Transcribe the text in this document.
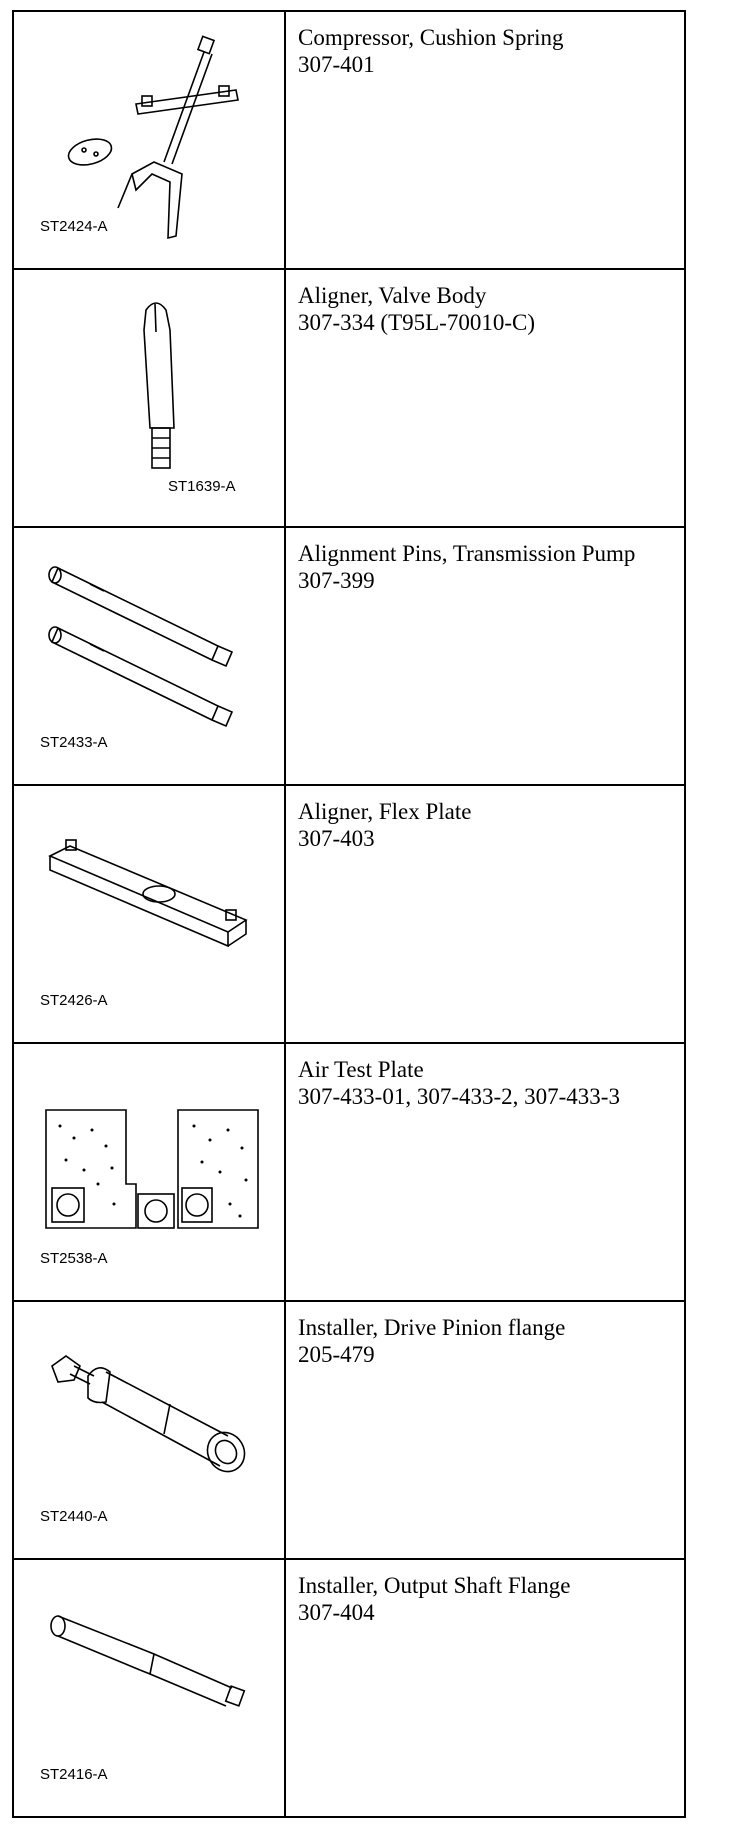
ST2424-A	Compressor, Cushion Spring
307-401

ST1639-A	Aligner, Valve Body
307-334 (T95L-70010-C)

ST2433-A	Alignment Pins, Transmission Pump
307-399

ST2426-A	Aligner, Flex Plate
307-403

ST2538-A	Air Test Plate
307-433-01, 307-433-2, 307-433-3

ST2440-A	Installer, Drive Pinion flange
205-479

ST2416-A	Installer, Output Shaft Flange
307-404
